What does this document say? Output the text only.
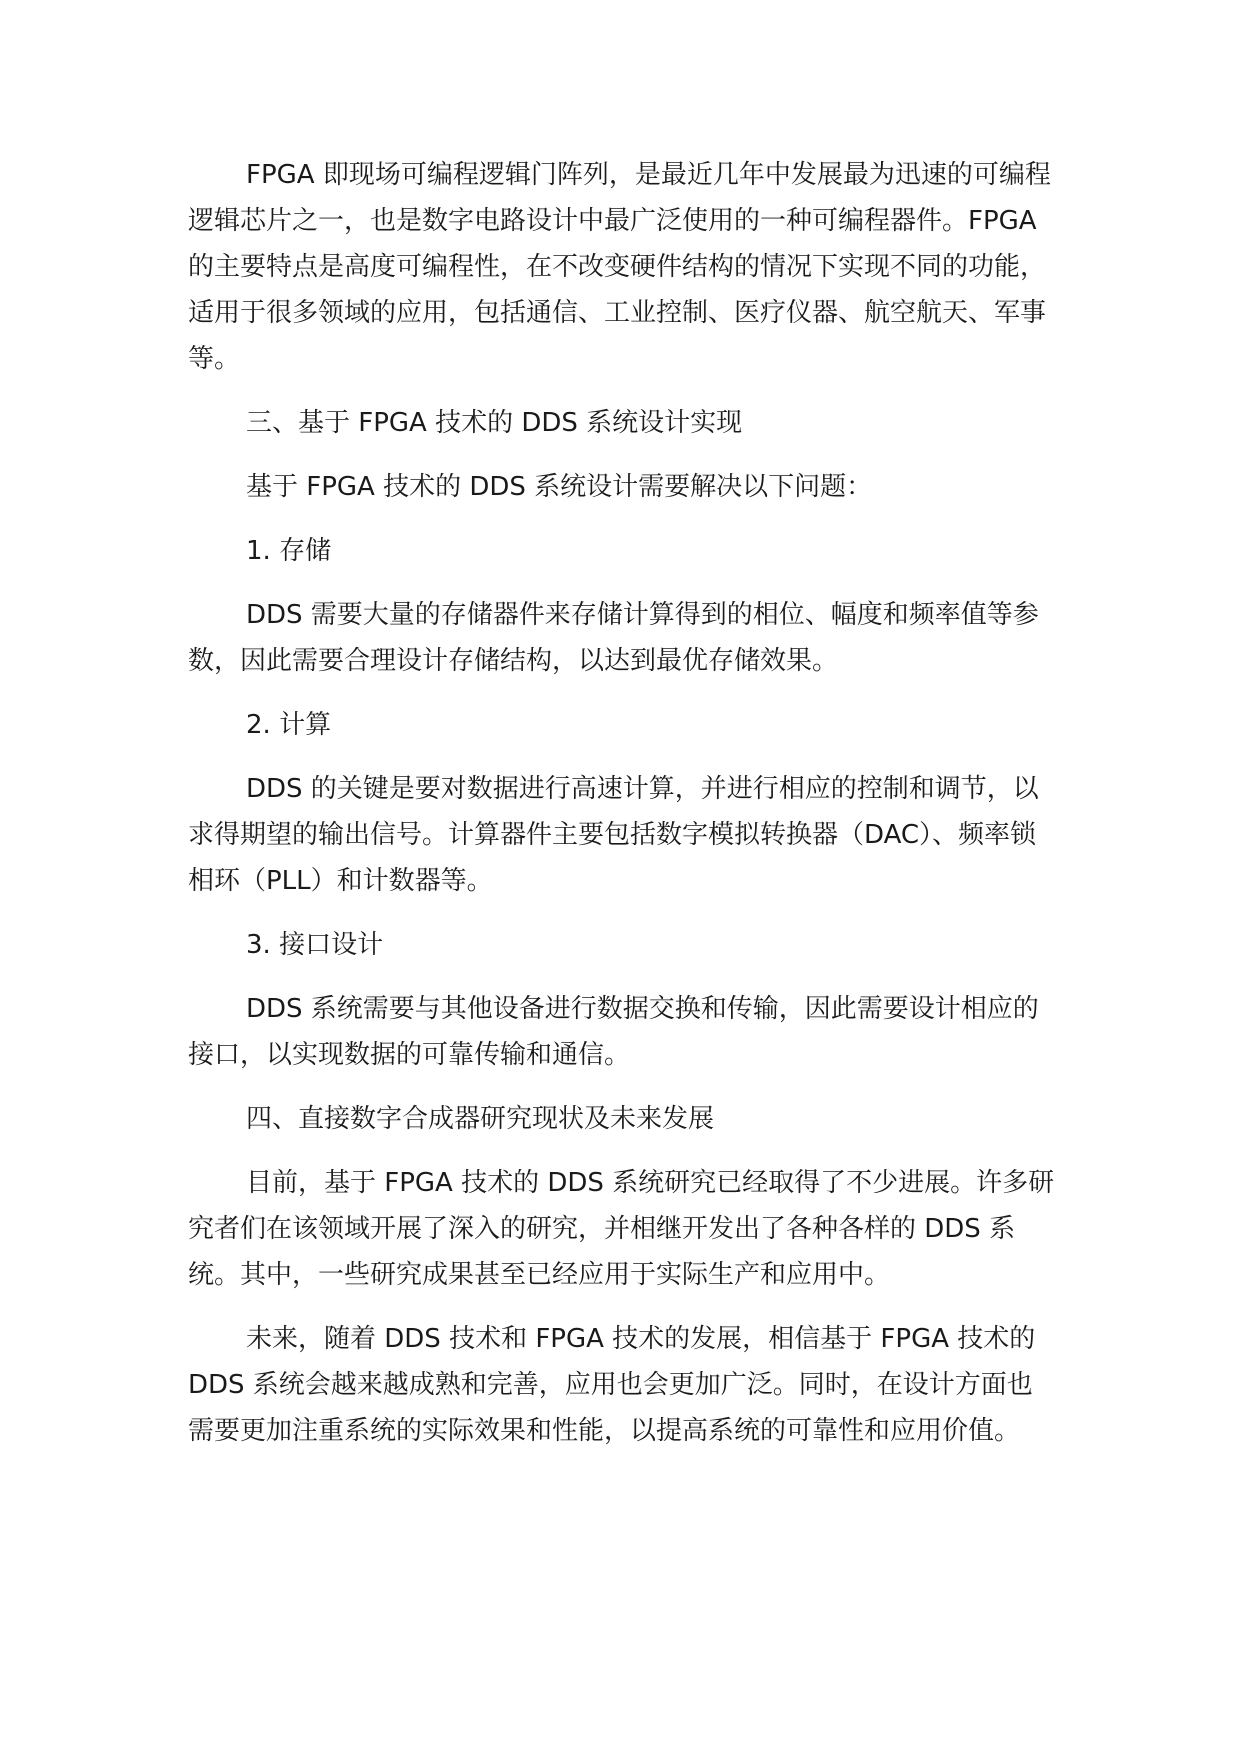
FPGA 即现场可编程逻辑门阵列，是最近几年中发展最为迅速的可编程逻辑芯片之一，也是数字电路设计中最广泛使用的一种可编程器件。FPGA 的主要特点是高度可编程性，在不改变硬件结构的情况下实现不同的功能，适用于很多领域的应用，包括通信、工业控制、医疗仪器、航空航天、军事等。

三、基于 FPGA 技术的 DDS 系统设计实现

基于 FPGA 技术的 DDS 系统设计需要解决以下问题：

1. 存储

DDS 需要大量的存储器件来存储计算得到的相位、幅度和频率值等参数，因此需要合理设计存储结构，以达到最优存储效果。

2. 计算

DDS 的关键是要对数据进行高速计算，并进行相应的控制和调节，以求得期望的输出信号。计算器件主要包括数字模拟转换器（DAC）、频率锁相环（PLL）和计数器等。

3. 接口设计

DDS 系统需要与其他设备进行数据交换和传输，因此需要设计相应的接口，以实现数据的可靠传输和通信。

四、直接数字合成器研究现状及未来发展

目前，基于 FPGA 技术的 DDS 系统研究已经取得了不少进展。许多研究者们在该领域开展了深入的研究，并相继开发出了各种各样的 DDS 系统。其中，一些研究成果甚至已经应用于实际生产和应用中。

未来，随着 DDS 技术和 FPGA 技术的发展，相信基于 FPGA 技术的 DDS 系统会越来越成熟和完善，应用也会更加广泛。同时，在设计方面也需要更加注重系统的实际效果和性能，以提高系统的可靠性和应用价值。
